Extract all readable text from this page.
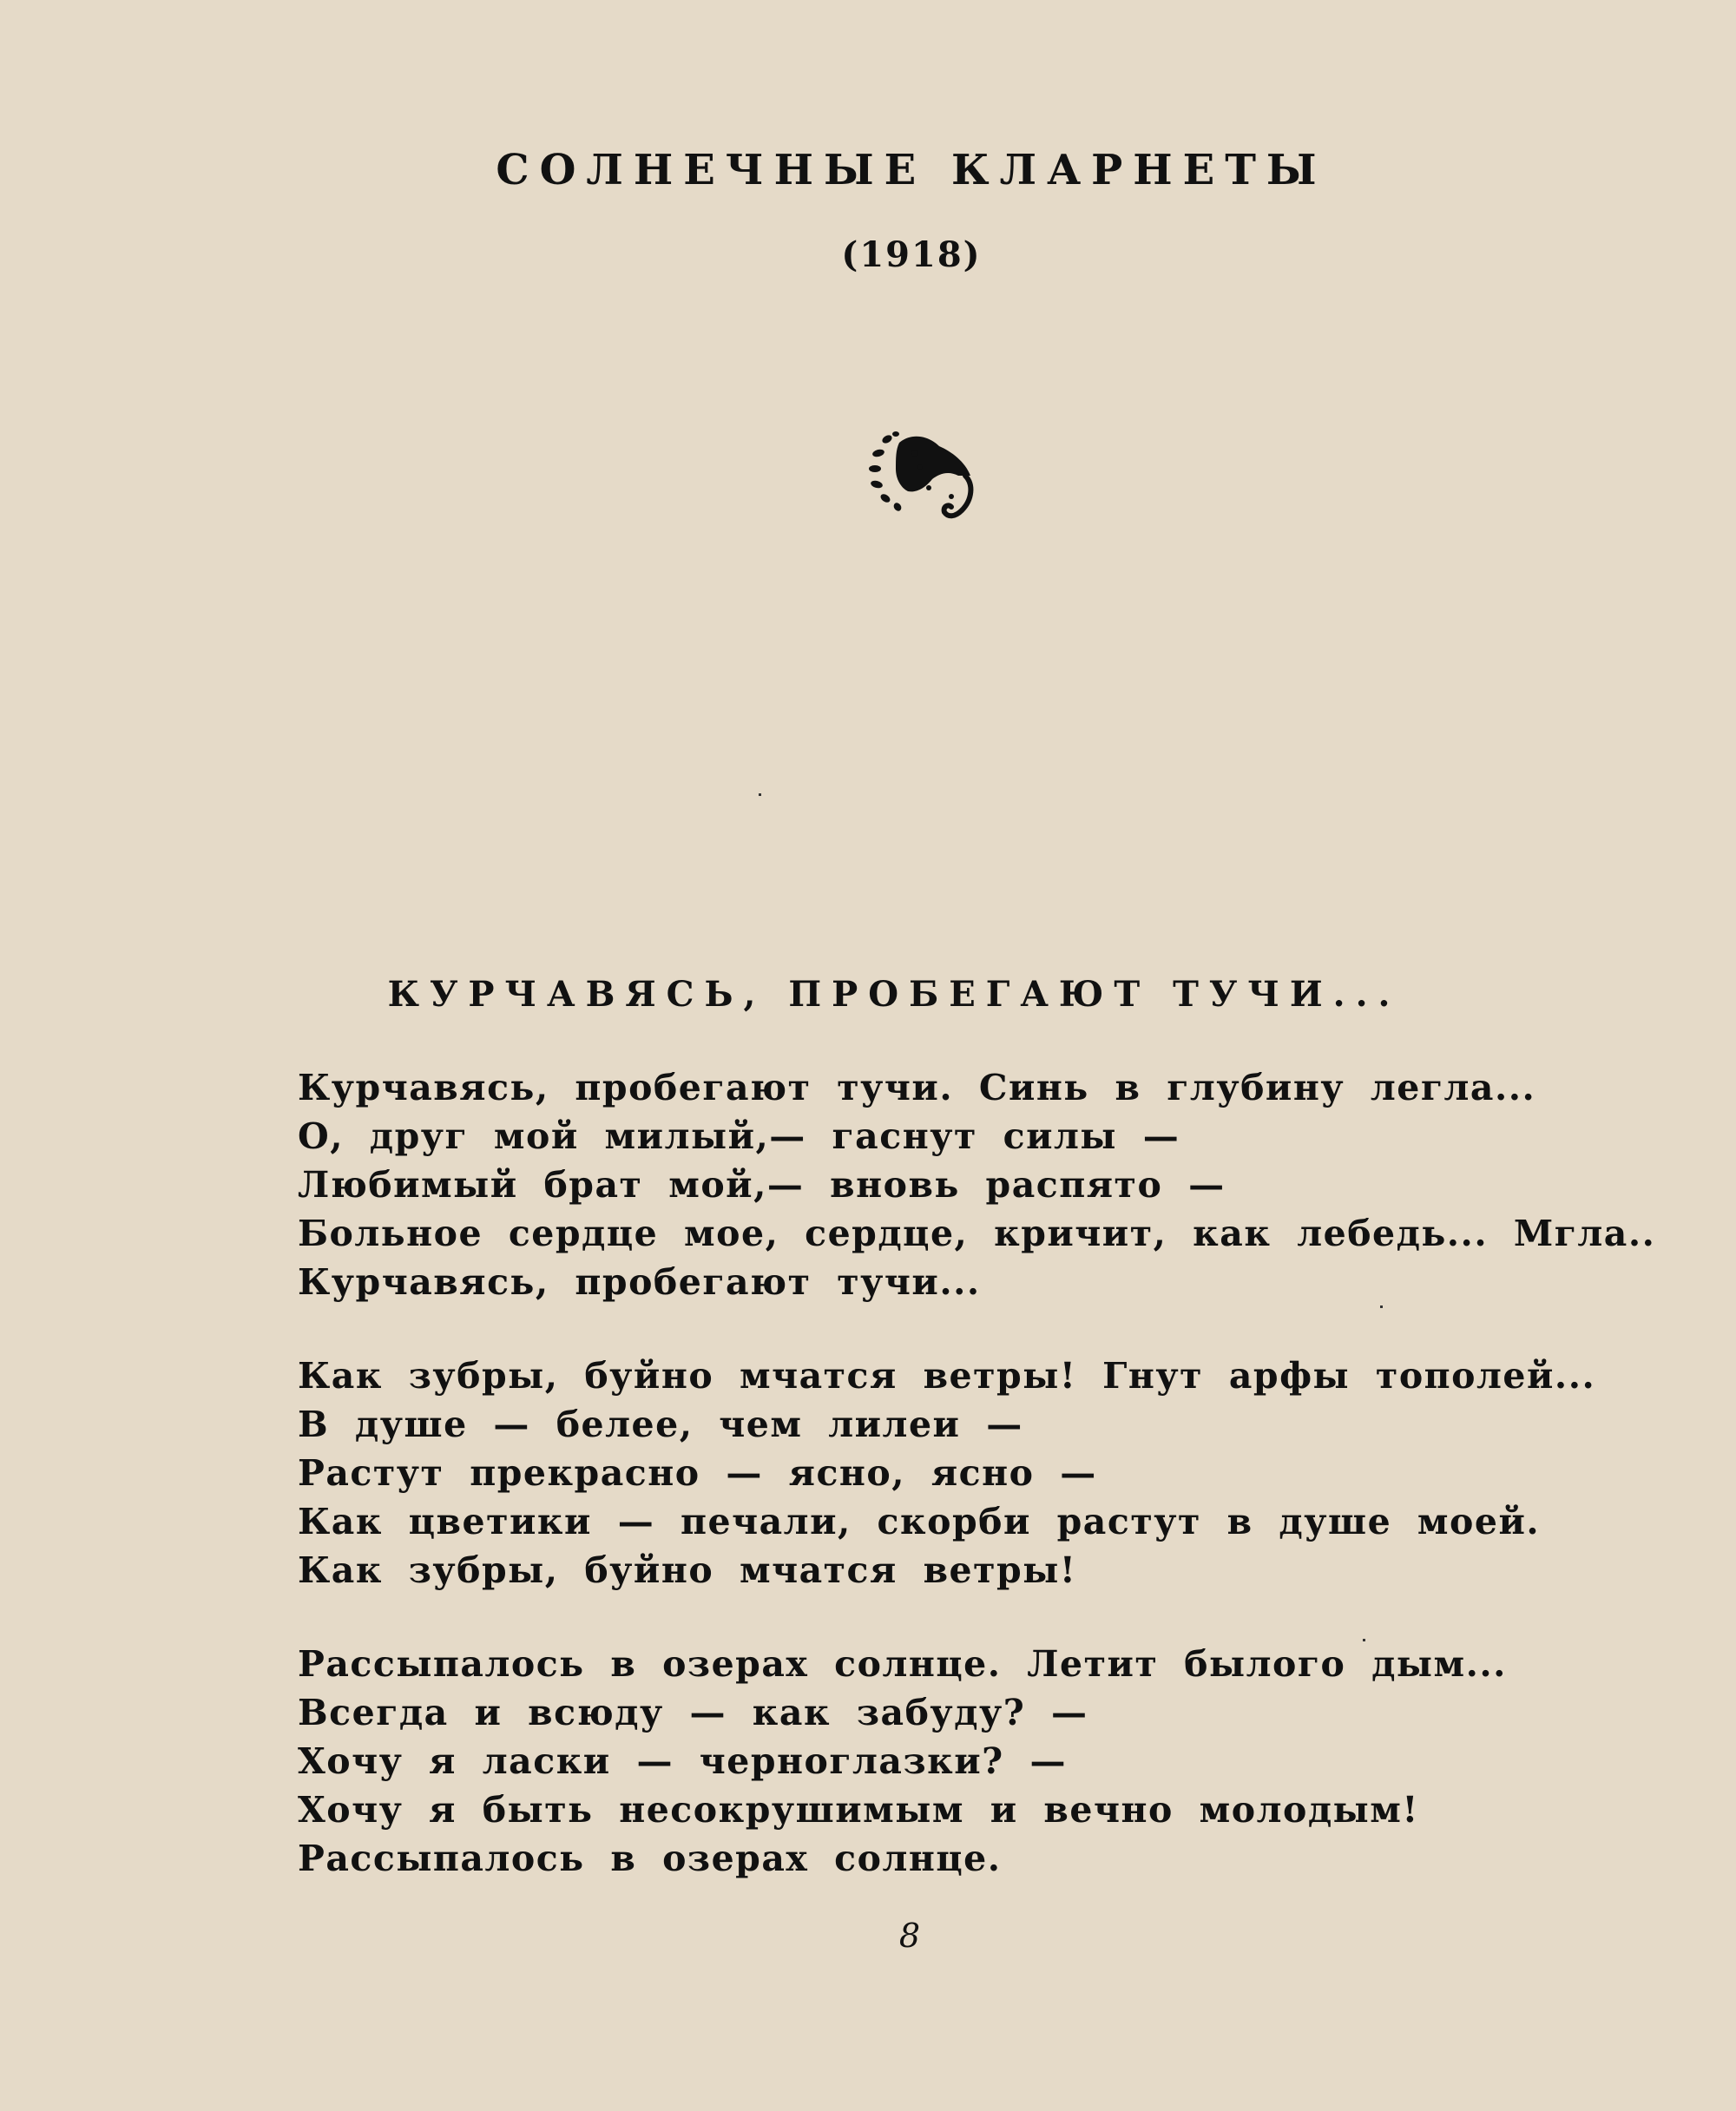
СОЛНЕЧНЫЕ КЛАРНЕТЫ
(1918)
КУРЧАВЯСЬ, ПРОБЕГАЮТ ТУЧИ...
Курчавясь, пробегают тучи. Синь в глубину легла...
О, друг мой милый,— гаснут силы —
Любимый брат мой,— вновь распято —
Больное сердце мое, сердце, кричит, как лебедь... Мгла..
Курчавясь, пробегают тучи...
Как зубры, буйно мчатся ветры! Гнут арфы тополей...
В душе — белее, чем лилеи —
Растут прекрасно — ясно, ясно —
Как цветики — печали, скорби растут в душе моей.
Как зубры, буйно мчатся ветры!
Рассыпалось в озерах солнце. Летит былого дым...
Всегда и всюду — как забуду? —
Хочу я ласки — черноглазки? —
Хочу я быть несокрушимым и вечно молодым!
Рассыпалось в озерах солнце.
8
